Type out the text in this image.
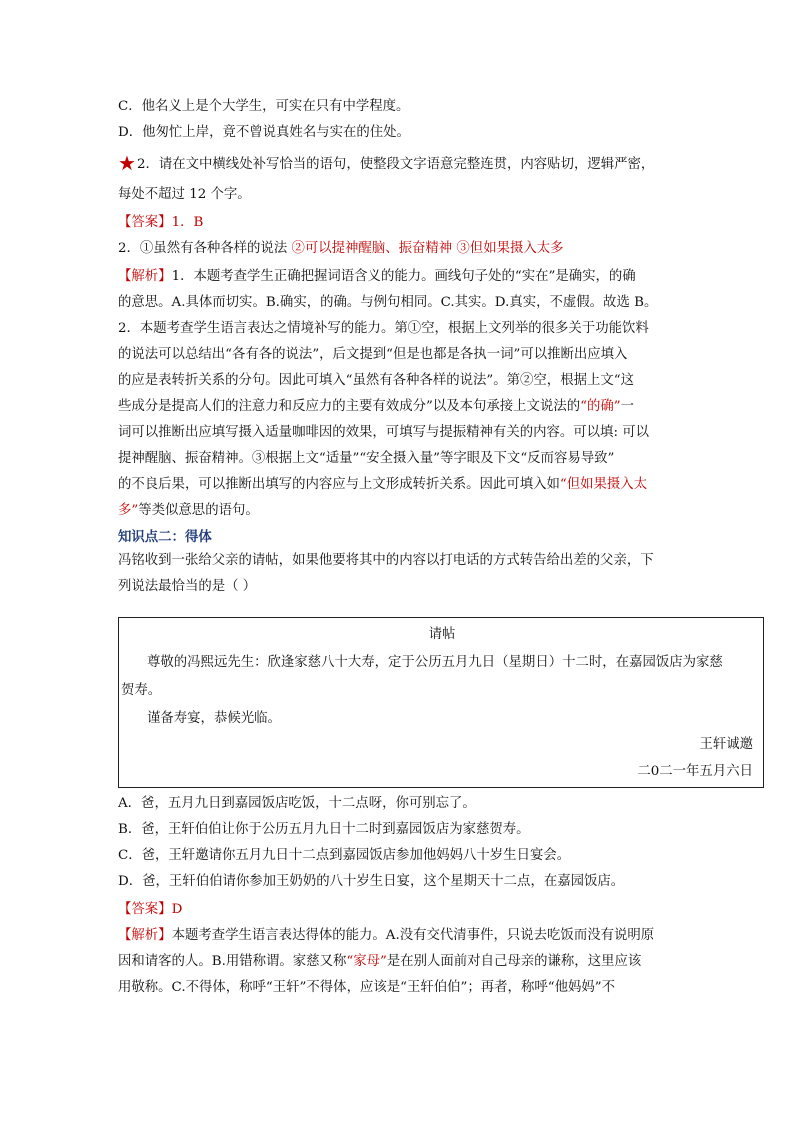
C．他名义上是个大学生，可实在只有中学程度。
D．他匆忙上岸，竟不曾说真姓名与实在的住处。
★2．请在文中横线处补写恰当的语句，使整段文字语意完整连贯，内容贴切，逻辑严密，
每处不超过 12 个字。
【答案】1．B
2．①虽然有各种各样的说法 ②可以提神醒脑、振奋精神 ③但如果摄入太多
【解析】1．本题考查学生正确把握词语含义的能力。画线句子处的“实在”是确实，的确
的意思。A.具体而切实。B.确实，的确。与例句相同。C.其实。D.真实，不虚假。故选 B。
2．本题考查学生语言表达之情境补写的能力。第①空，根据上文列举的很多关于功能饮料
的说法可以总结出“各有各的说法”，后文提到“但是也都是各执一词”可以推断出应填入
的应是表转折关系的分句。因此可填入“虽然有各种各样的说法”。第②空，根据上文“这
些成分是提高人们的注意力和反应力的主要有效成分”以及本句承接上文说法的“的确”一
词可以推断出应填写摄入适量咖啡因的效果，可填写与提振精神有关的内容。可以填: 可以
提神醒脑、振奋精神。③根据上文“适量”“安全摄入量”等字眼及下文“反而容易导致”
的不良后果，可以推断出填写的内容应与上文形成转折关系。因此可填入如“但如果摄入太
多”等类似意思的语句。
知识点二：得体
冯铭收到一张给父亲的请帖，如果他要将其中的内容以打电话的方式转告给出差的父亲，下
列说法最恰当的是（ ）
请帖
尊敬的冯熙远先生：欣逢家慈八十大寿，定于公历五月九日（星期日）十二时，在嘉园饭店为家慈
贺寿。
谨备寿宴，恭候光临。
王轩诚邀
二0二一年五月六日
A．爸，五月九日到嘉园饭店吃饭，十二点呀，你可别忘了。
B．爸，王轩伯伯让你于公历五月九日十二时到嘉园饭店为家慈贺寿。
C．爸，王轩邀请你五月九日十二点到嘉园饭店参加他妈妈八十岁生日宴会。
D．爸，王轩伯伯请你参加王奶奶的八十岁生日宴，这个星期天十二点，在嘉园饭店。
【答案】D
【解析】本题考查学生语言表达得体的能力。A.没有交代清事件，只说去吃饭而没有说明原
因和请客的人。B.用错称谓。家慈又称“家母”是在别人面前对自己母亲的谦称，这里应该
用敬称。C.不得体，称呼“王轩”不得体，应该是“王轩伯伯”；再者，称呼“他妈妈”不
